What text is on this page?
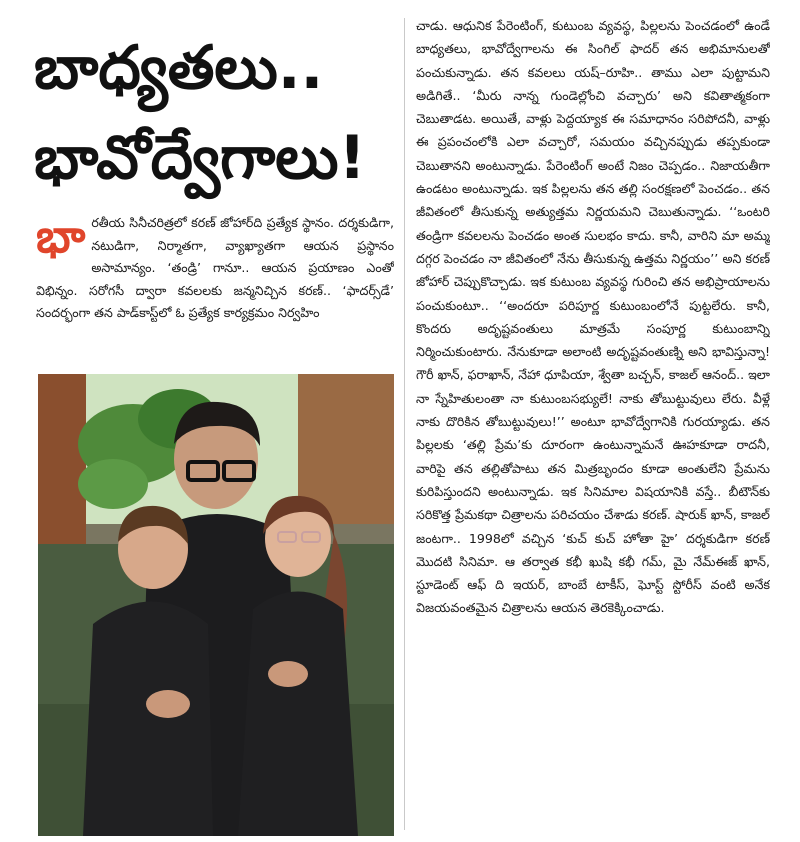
బాధ్యతలు..
భావోద్వేగాలు!
భా రతీయ సినీచరిత్రలో కరణ్ జోహార్‌ది ప్రత్యేక స్థానం. దర్శకుడిగా, నటుడిగా, నిర్మాతగా, వ్యాఖ్యాతగా ఆయన ప్రస్థానం అసామాన్యం. ‘తండ్రి’ గానూ.. ఆయన ప్రయాణం ఎంతో విభిన్నం. సరోగసీ ద్వారా కవలలకు జన్మనిచ్చిన కరణ్.. ‘ఫాదర్స్‌డే’ సందర్భంగా తన పాడ్‌కాస్ట్‌లో ఓ ప్రత్యేక కార్యక్రమం నిర్వహిం

చాడు. ఆధునిక పేరెంటింగ్, కుటుంబ వ్యవస్థ, పిల్లలను పెంచడంలో ఉండే బాధ్యతలు, భావోద్వేగాలను ఈ సింగిల్ ఫాదర్ తన అభిమానులతో పంచుకున్నాడు. తన కవలలు యష్–రూహి.. తాము ఎలా పుట్టామని అడిగితే.. ‘మీరు నాన్న గుండెల్లోంచి వచ్చారు’ అని కవితాత్మకంగా చెబుతాడట. అయితే, వాళ్లు పెద్దయ్యాక ఈ సమాధానం సరిపోదనీ, వాళ్లు ఈ ప్రపంచంలోకి ఎలా వచ్చారో, సమయం వచ్చినప్పుడు తప్పకుండా చెబుతానని అంటున్నాడు. పేరెంటింగ్ అంటే నిజం చెప్పడం.. నిజాయతీగా ఉండటం అంటున్నాడు. ఇక పిల్లలను తన తల్లి సంరక్షణలో పెంచడం.. తన జీవితంలో తీసుకున్న అత్యుత్తమ నిర్ణయమని చెబుతున్నాడు. ‘‘ఒంటరి తండ్రిగా కవలలను పెంచడం అంత సులభం కాదు. కానీ, వారిని మా అమ్మ దగ్గర పెంచడం నా జీవితంలో నేను తీసుకున్న ఉత్తమ నిర్ణయం’’ అని కరణ్ జోహార్ చెప్పుకొచ్చాడు. ఇక కుటుంబ వ్యవస్థ గురించి తన అభిప్రాయాలను పంచుకుంటూ.. ‘‘అందరూ పరిపూర్ణ కుటుంబంలోనే పుట్టలేరు. కానీ, కొందరు అదృష్టవంతులు మాత్రమే సంపూర్ణ కుటుంబాన్ని నిర్మించుకుంటారు. నేనుకూడా అలాంటి అదృష్టవంతుణ్ని అని భావిస్తున్నా! గౌరీ ఖాన్, ఫరాఖాన్, నేహా ధూపియా, శ్వేతా బచ్చన్, కాజల్ ఆనంద్.. ఇలా నా స్నేహితులంతా నా కుటుంబసభ్యులే! నాకు తోబుట్టువులు లేరు. వీళ్లే నాకు దొరికిన తోబుట్టువులు!’’ అంటూ భావోద్వేగానికి గురయ్యాడు. తన పిల్లలకు ‘తల్లి ప్రేమ’కు దూరంగా ఉంటున్నామనే ఊహకూడా రాదనీ, వారిపై తన తల్లితోపాటు తన మిత్రబృందం కూడా అంతులేని ప్రేమను కురిపిస్తుందని అంటున్నాడు. ఇక సినిమాల విషయానికి వస్తే.. బీటౌన్‌కు సరికొత్త ప్రేమకథా చిత్రాలను పరిచయం చేశాడు కరణ్. షారుక్ ఖాన్, కాజల్ జంటగా.. 1998లో వచ్చిన ‘కుచ్ కుచ్ హోతా హై’ దర్శకుడిగా కరణ్ మొదటి సినిమా. ఆ తర్వాత కభీ ఖుషి కభీ గమ్, మై నేమ్‌ఈజ్ ఖాన్, స్టూడెంట్ ఆఫ్ ది ఇయర్, బాంబే టాకీస్, ఘోస్ట్ స్టోరీస్ వంటి అనేక విజయవంతమైన చిత్రాలను ఆయన తెరకెక్కించాడు.
